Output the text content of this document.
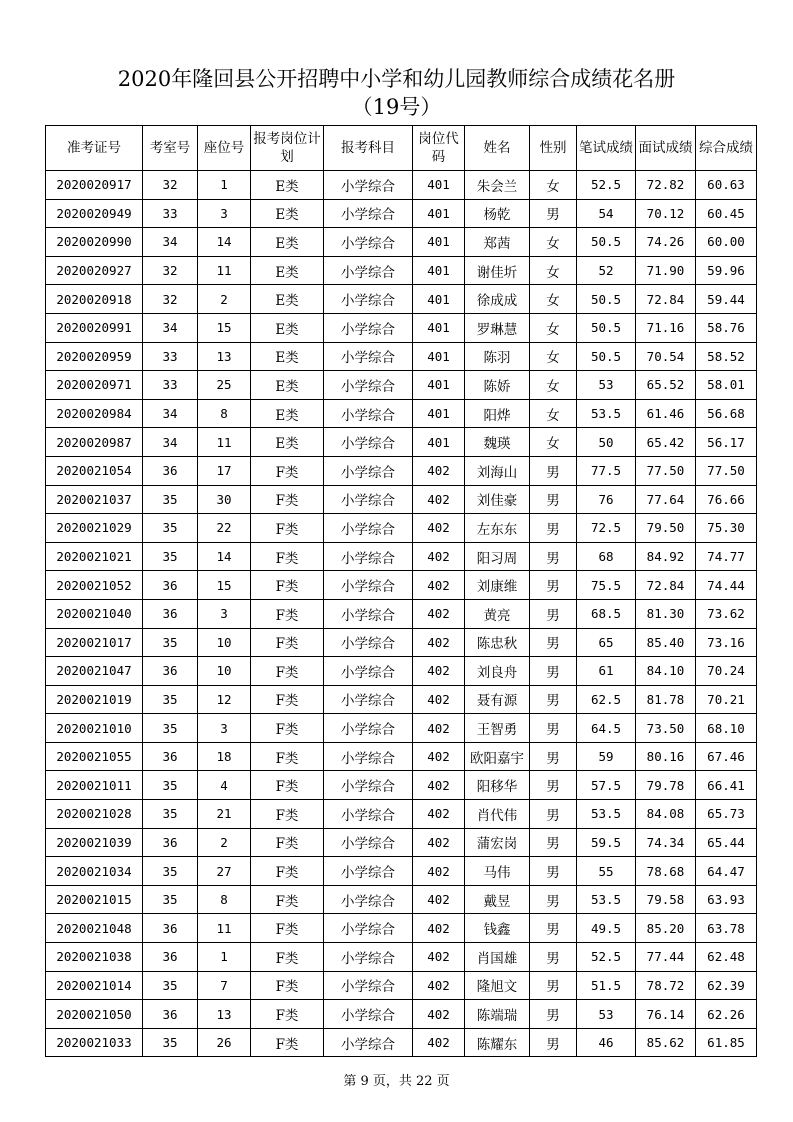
2020年隆回县公开招聘中小学和幼儿园教师综合成绩花名册
（19号）
准考证号	考室号	座位号	报考岗位计划	报考科目	岗位代码	姓名	性别	笔试成绩	面试成绩	综合成绩
2020020917	32	1	E类	小学综合	401	朱会兰	女	52.5	72.82	60.63
2020020949	33	3	E类	小学综合	401	杨乾	男	54	70.12	60.45
2020020990	34	14	E类	小学综合	401	郑茜	女	50.5	74.26	60.00
2020020927	32	11	E类	小学综合	401	谢佳圻	女	52	71.90	59.96
2020020918	32	2	E类	小学综合	401	徐成成	女	50.5	72.84	59.44
2020020991	34	15	E类	小学综合	401	罗琳慧	女	50.5	71.16	58.76
2020020959	33	13	E类	小学综合	401	陈羽	女	50.5	70.54	58.52
2020020971	33	25	E类	小学综合	401	陈娇	女	53	65.52	58.01
2020020984	34	8	E类	小学综合	401	阳烨	女	53.5	61.46	56.68
2020020987	34	11	E类	小学综合	401	魏瑛	女	50	65.42	56.17
2020021054	36	17	F类	小学综合	402	刘海山	男	77.5	77.50	77.50
2020021037	35	30	F类	小学综合	402	刘佳豪	男	76	77.64	76.66
2020021029	35	22	F类	小学综合	402	左东东	男	72.5	79.50	75.30
2020021021	35	14	F类	小学综合	402	阳习周	男	68	84.92	74.77
2020021052	36	15	F类	小学综合	402	刘康维	男	75.5	72.84	74.44
2020021040	36	3	F类	小学综合	402	黄亮	男	68.5	81.30	73.62
2020021017	35	10	F类	小学综合	402	陈忠秋	男	65	85.40	73.16
2020021047	36	10	F类	小学综合	402	刘良舟	男	61	84.10	70.24
2020021019	35	12	F类	小学综合	402	聂有源	男	62.5	81.78	70.21
2020021010	35	3	F类	小学综合	402	王智勇	男	64.5	73.50	68.10
2020021055	36	18	F类	小学综合	402	欧阳嘉宇	男	59	80.16	67.46
2020021011	35	4	F类	小学综合	402	阳移华	男	57.5	79.78	66.41
2020021028	35	21	F类	小学综合	402	肖代伟	男	53.5	84.08	65.73
2020021039	36	2	F类	小学综合	402	蒲宏岗	男	59.5	74.34	65.44
2020021034	35	27	F类	小学综合	402	马伟	男	55	78.68	64.47
2020021015	35	8	F类	小学综合	402	戴昱	男	53.5	79.58	63.93
2020021048	36	11	F类	小学综合	402	钱鑫	男	49.5	85.20	63.78
2020021038	36	1	F类	小学综合	402	肖国雄	男	52.5	77.44	62.48
2020021014	35	7	F类	小学综合	402	隆旭文	男	51.5	78.72	62.39
2020021050	36	13	F类	小学综合	402	陈端瑞	男	53	76.14	62.26
2020021033	35	26	F类	小学综合	402	陈耀东	男	46	85.62	61.85
第 9 页，共 22 页
